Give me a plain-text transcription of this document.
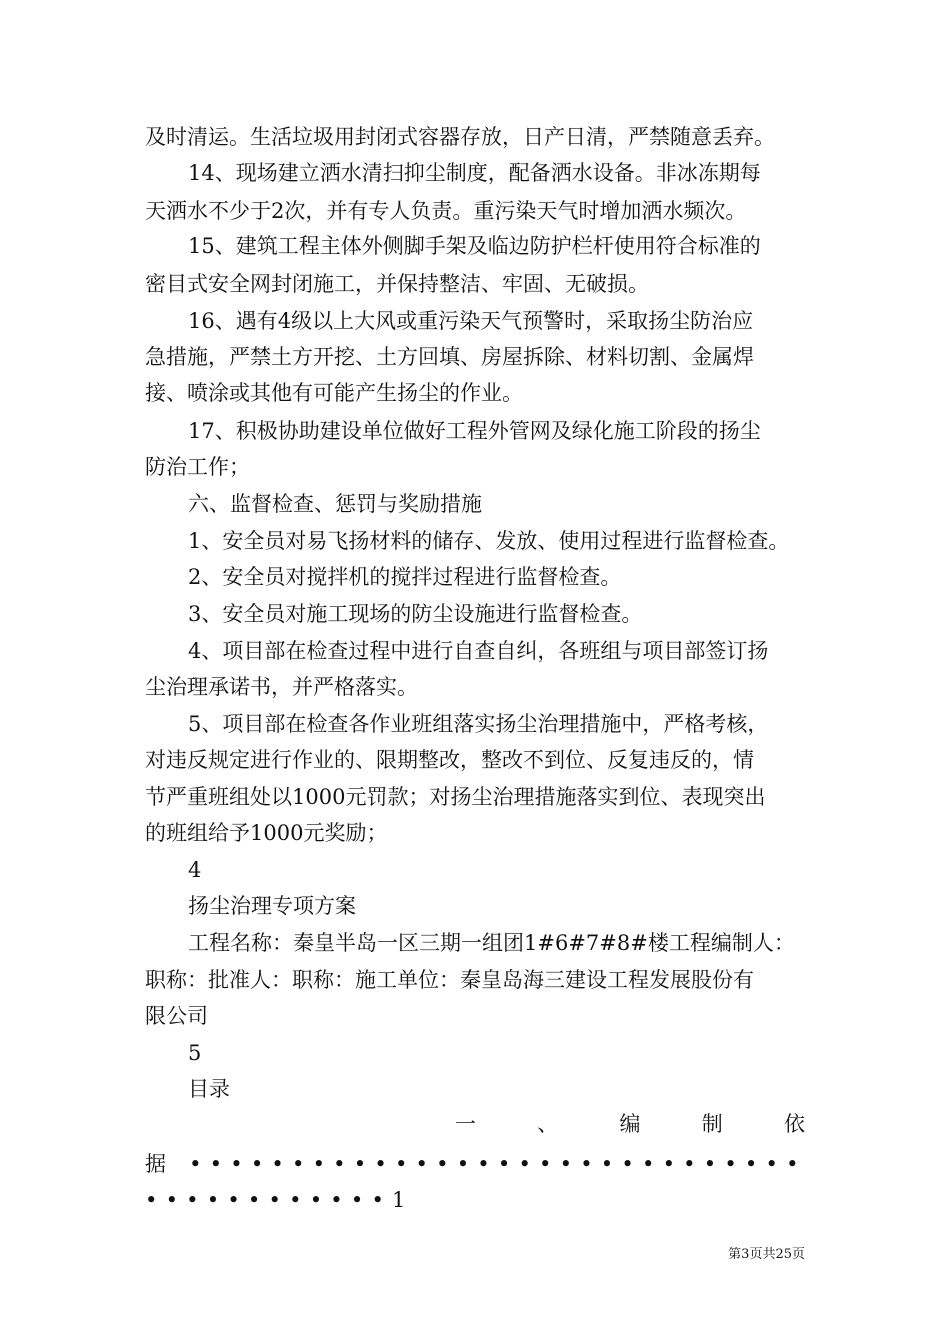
及时清运。生活垃圾用封闭式容器存放，日产日清，严禁随意丢弃。
14、现场建立洒水清扫抑尘制度，配备洒水设备。非冰冻期每
天洒水不少于2次，并有专人负责。重污染天气时增加洒水频次。
15、建筑工程主体外侧脚手架及临边防护栏杆使用符合标准的
密目式安全网封闭施工，并保持整洁、牢固、无破损。
16、遇有4级以上大风或重污染天气预警时，采取扬尘防治应
急措施，严禁土方开挖、土方回填、房屋拆除、材料切割、金属焊
接、喷涂或其他有可能产生扬尘的作业。
17、积极协助建设单位做好工程外管网及绿化施工阶段的扬尘
防治工作；
六、监督检查、惩罚与奖励措施
1、安全员对易飞扬材料的储存、发放、使用过程进行监督检查。
2、安全员对搅拌机的搅拌过程进行监督检查。
3、安全员对施工现场的防尘设施进行监督检查。
4、项目部在检查过程中进行自查自纠，各班组与项目部签订扬
尘治理承诺书，并严格落实。
5、项目部在检查各作业班组落实扬尘治理措施中，严格考核，
对违反规定进行作业的、限期整改，整改不到位、反复违反的，情
节严重班组处以1000元罚款；对扬尘治理措施落实到位、表现突出
的班组给予1000元奖励；
4
扬尘治理专项方案
工程名称：秦皇半岛一区三期一组团1#6#7#8#楼工程编制人：
职称：批准人：职称：施工单位：秦皇岛海三建设工程发展股份有
限公司
5
目录
一	、	编	制	依
据 ••••••••••••••••••••••••••••••
••••••••••••1
第3页共25页
